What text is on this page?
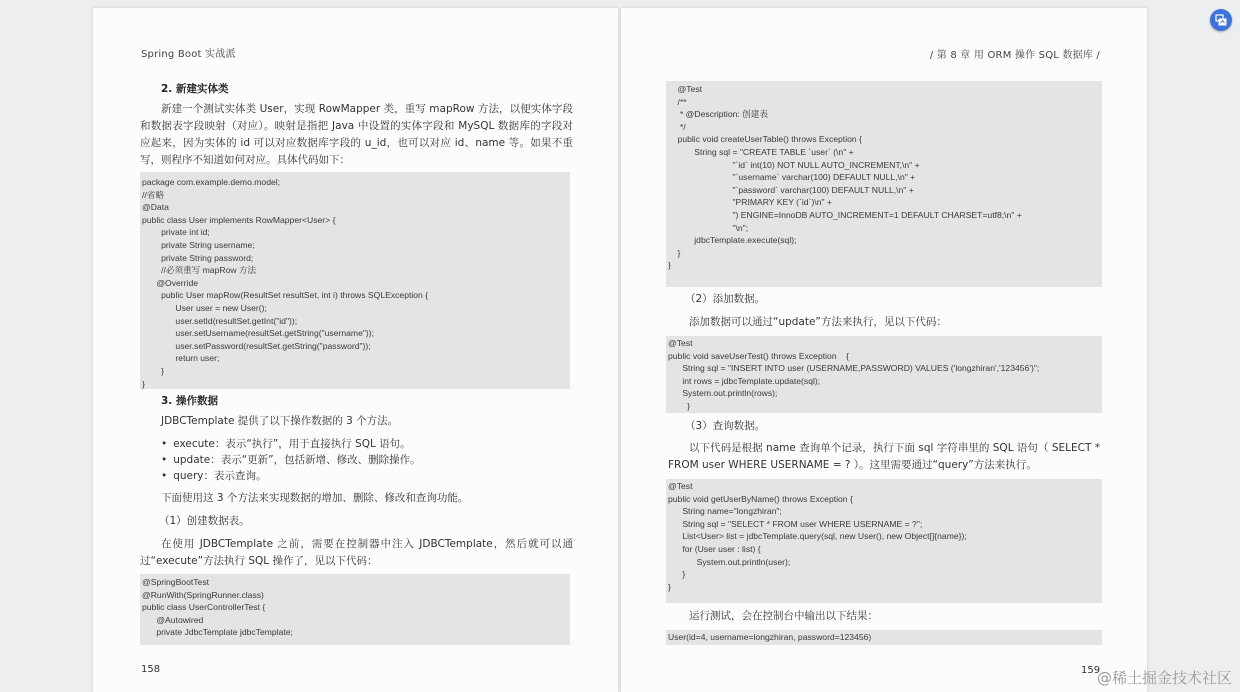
Spring Boot 实战派
2. 新建实体类
新建一个测试实体类 User，实现 RowMapper 类，重写 mapRow 方法，以便实体字段和数据表字段映射（对应）。映射是指把 Java 中设置的实体字段和 MySQL 数据库的字段对应起来，因为实体的 id 可以对应数据库字段的 u_id，也可以对应 id、name 等。如果不重写，则程序不知道如何对应。具体代码如下：
package com.example.demo.model;
//省略
@Data
public class User implements RowMapper<User> {
private int id;
private String username;
private String password;
//必须重写 mapRow 方法
@Override
public User mapRow(ResultSet resultSet, int i) throws SQLException {
User user = new User();
user.setId(resultSet.getInt("id"));
user.setUsername(resultSet.getString("username"));
user.setPassword(resultSet.getString("password"));
return user;
}
}
3. 操作数据
JDBCTemplate 提供了以下操作数据的 3 个方法。
• execute：表示“执行”，用于直接执行 SQL 语句。
• update：表示“更新”，包括新增、修改、删除操作。
• query：表示查询。
下面使用这 3 个方法来实现数据的增加、删除、修改和查询功能。
（1）创建数据表。
在使用 JDBCTemplate 之前，需要在控制器中注入 JDBCTemplate，然后就可以通过“execute”方法执行 SQL 操作了，见以下代码：
@SpringBootTest
@RunWith(SpringRunner.class)
public class UserControllerTest {
@Autowired
private JdbcTemplate jdbcTemplate;
158
/ 第 8 章 用 ORM 操作 SQL 数据库 /
@Test
/**
* @Description: 创建表
*/
public void createUserTable() throws Exception {
String sql = "CREATE TABLE `user` (\n" +
"`id` int(10) NOT NULL AUTO_INCREMENT,\n" +
"`username` varchar(100) DEFAULT NULL,\n" +
"`password` varchar(100) DEFAULT NULL,\n" +
"PRIMARY KEY (`id`)\n" +
") ENGINE=InnoDB AUTO_INCREMENT=1 DEFAULT CHARSET=utf8;\n" +
"\n";
jdbcTemplate.execute(sql);
}
}
（2）添加数据。
添加数据可以通过“update”方法来执行，见以下代码：
@Test
public void saveUserTest() throws Exception    {
String sql = "INSERT INTO user (USERNAME,PASSWORD) VALUES ('longzhiran','123456')";
int rows = jdbcTemplate.update(sql);
System.out.println(rows);
}
（3）查询数据。
以下代码是根据 name 查询单个记录，执行下面 sql 字符串里的 SQL 语句（ SELECT * FROM user WHERE USERNAME = ? ）。这里需要通过“query”方法来执行。
@Test
public void getUserByName() throws Exception {
String name="longzhiran";
String sql = "SELECT * FROM user WHERE USERNAME = ?";
List<User> list = jdbcTemplate.query(sql, new User(), new Object[]{name});
for (User user : list) {
System.out.println(user);
}
}
运行测试，会在控制台中输出以下结果：
User(id=4, username=longzhiran, password=123456)
159
@稀土掘金技术社区
